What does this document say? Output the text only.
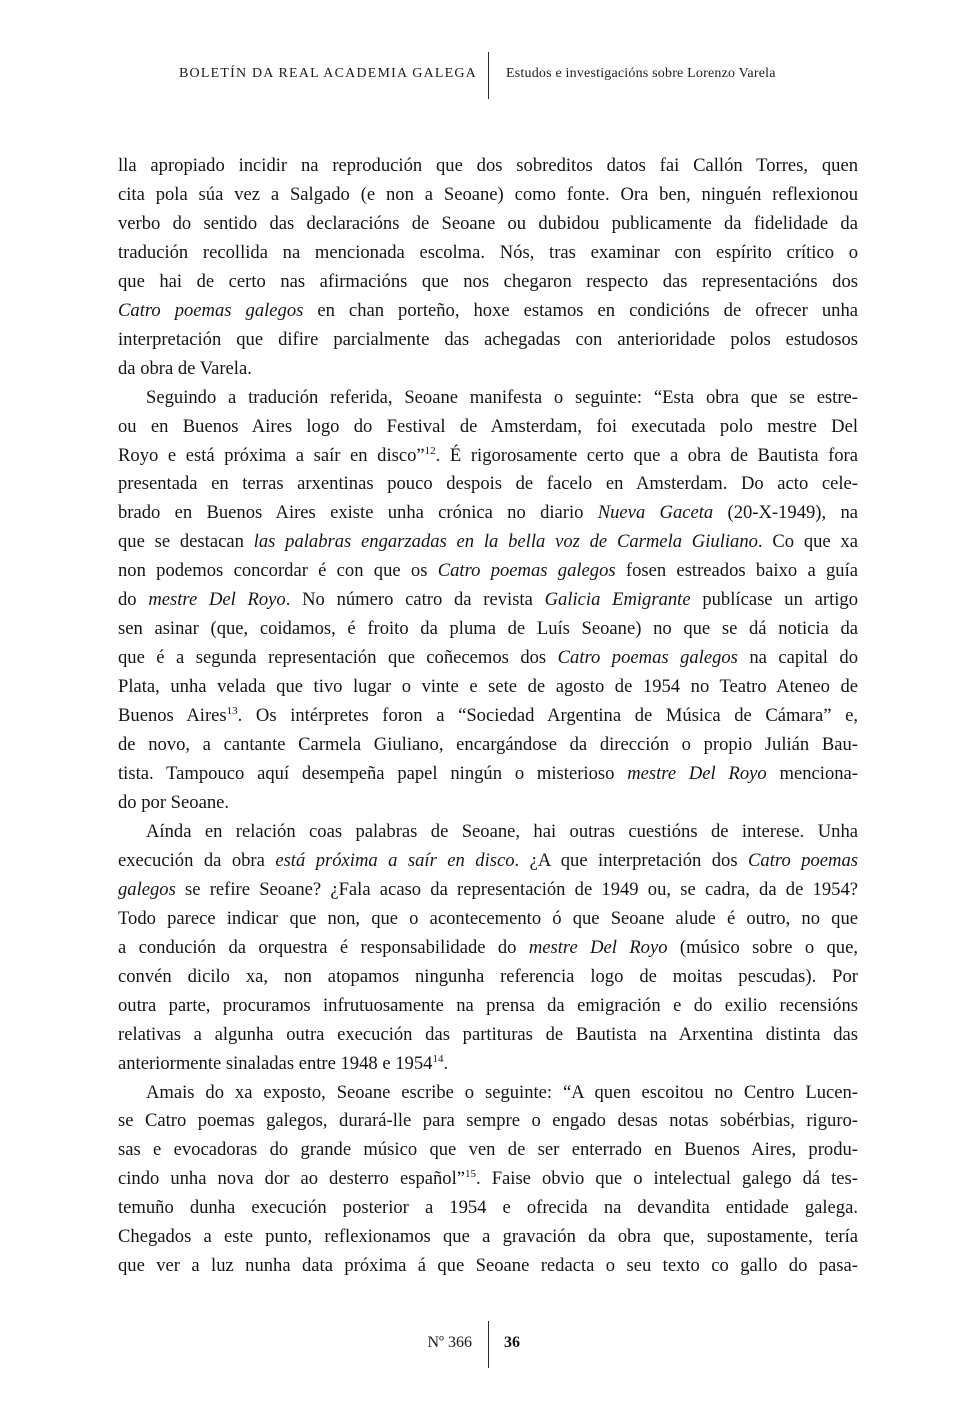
BOLETÍN DA REAL ACADEMIA GALEGA Estudos e investigacións sobre Lorenzo Varela
lla apropiado incidir na reprodución que dos sobreditos datos fai Callón Torres, quen
cita pola súa vez a Salgado (e non a Seoane) como fonte. Ora ben, ninguén reflexionou
verbo do sentido das declaracións de Seoane ou dubidou publicamente da fidelidade da
tradución recollida na mencionada escolma. Nós, tras examinar con espírito crítico o
que hai de certo nas afirmacións que nos chegaron respecto das representacións dos
Catro poemas galegos en chan porteño, hoxe estamos en condicións de ofrecer unha
interpretación que difire parcialmente das achegadas con anterioridade polos estudosos
da obra de Varela.
Seguindo a tradución referida, Seoane manifesta o seguinte: “Esta obra que se estre-
ou en Buenos Aires logo do Festival de Amsterdam, foi executada polo mestre Del
Royo e está próxima a saír en disco”$^{12}$. É rigorosamente certo que a obra de Bautista fora
presentada en terras arxentinas pouco despois de facelo en Amsterdam. Do acto cele-
brado en Buenos Aires existe unha crónica no diario Nueva Gaceta (20-X-1949), na
que se destacan las palabras engarzadas en la bella voz de Carmela Giuliano. Co que xa
non podemos concordar é con que os Catro poemas galegos fosen estreados baixo a guía
do mestre Del Royo. No número catro da revista Galicia Emigrante publícase un artigo
sen asinar (que, coidamos, é froito da pluma de Luís Seoane) no que se dá noticia da
que é a segunda representación que coñecemos dos Catro poemas galegos na capital do
Plata, unha velada que tivo lugar o vinte e sete de agosto de 1954 no Teatro Ateneo de
Buenos Aires$^{13}$. Os intérpretes foron a “Sociedad Argentina de Música de Cámara” e,
de novo, a cantante Carmela Giuliano, encargándose da dirección o propio Julián Bau-
tista. Tampouco aquí desempeña papel ningún o misterioso mestre Del Royo menciona-
do por Seoane.
Aínda en relación coas palabras de Seoane, hai outras cuestións de interese. Unha
execución da obra está próxima a saír en disco. ¿A que interpretación dos Catro poemas
galegos se refire Seoane? ¿Fala acaso da representación de 1949 ou, se cadra, da de 1954?
Todo parece indicar que non, que o acontecemento ó que Seoane alude é outro, no que
a condución da orquestra é responsabilidade do mestre Del Royo (músico sobre o que,
convén dicilo xa, non atopamos ningunha referencia logo de moitas pescudas). Por
outra parte, procuramos infrutuosamente na prensa da emigración e do exilio recensións
relativas a algunha outra execución das partituras de Bautista na Arxentina distinta das
anteriormente sinaladas entre 1948 e 1954$^{14}$.
Amais do xa exposto, Seoane escribe o seguinte: “A quen escoitou no Centro Lucen-
se Catro poemas galegos, durará-lle para sempre o engado desas notas sobérbias, riguro-
sas e evocadoras do grande músico que ven de ser enterrado en Buenos Aires, produ-
cindo unha nova dor ao desterro español”$^{15}$. Faise obvio que o intelectual galego dá tes-
temuño dunha execución posterior a 1954 e ofrecida na devandita entidade galega.
Chegados a este punto, reflexionamos que a gravación da obra que, supostamente, tería
que ver a luz nunha data próxima á que Seoane redacta o seu texto co gallo do pasa-
Nº 366 36
